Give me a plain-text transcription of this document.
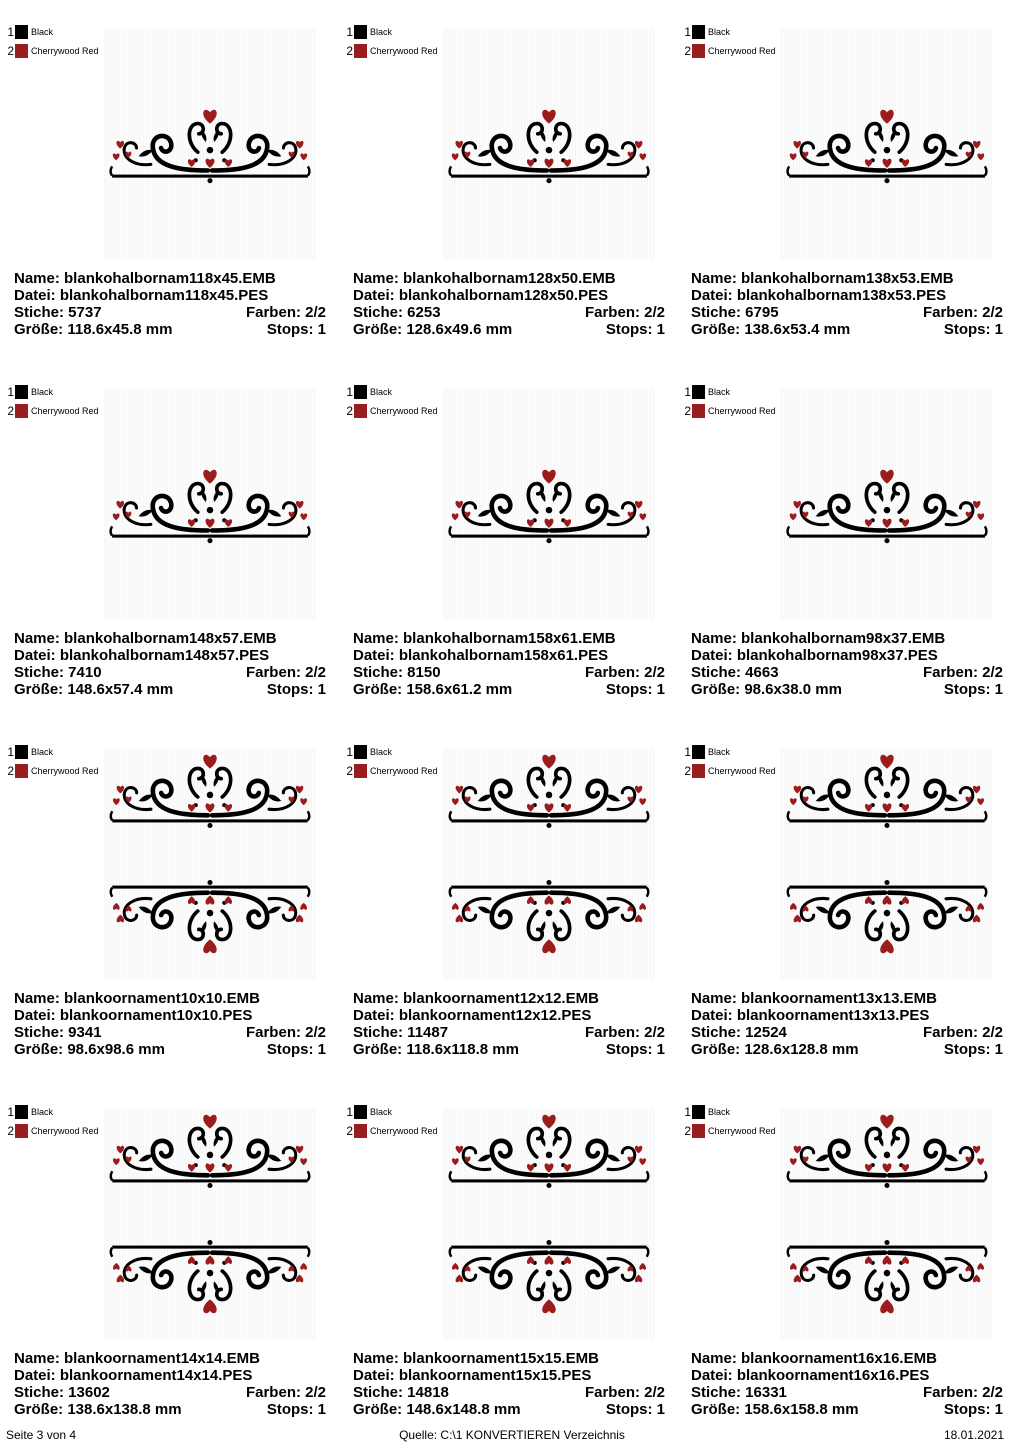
1 Black
2 Cherrywood Red
Name: blankohalbornam118x45.EMB
Datei: blankohalbornam118x45.PES
Stiche: 5737	Farben: 2/2
Größe: 118.6x45.8 mm	Stops: 1
1 Black
2 Cherrywood Red
Name: blankohalbornam128x50.EMB
Datei: blankohalbornam128x50.PES
Stiche: 6253	Farben: 2/2
Größe: 128.6x49.6 mm	Stops: 1
1 Black
2 Cherrywood Red
Name: blankohalbornam138x53.EMB
Datei: blankohalbornam138x53.PES
Stiche: 6795	Farben: 2/2
Größe: 138.6x53.4 mm	Stops: 1
1 Black
2 Cherrywood Red
Name: blankohalbornam148x57.EMB
Datei: blankohalbornam148x57.PES
Stiche: 7410	Farben: 2/2
Größe: 148.6x57.4 mm	Stops: 1
1 Black
2 Cherrywood Red
Name: blankohalbornam158x61.EMB
Datei: blankohalbornam158x61.PES
Stiche: 8150	Farben: 2/2
Größe: 158.6x61.2 mm	Stops: 1
1 Black
2 Cherrywood Red
Name: blankohalbornam98x37.EMB
Datei: blankohalbornam98x37.PES
Stiche: 4663	Farben: 2/2
Größe: 98.6x38.0 mm	Stops: 1
1 Black
2 Cherrywood Red
Name: blankoornament10x10.EMB
Datei: blankoornament10x10.PES
Stiche: 9341	Farben: 2/2
Größe: 98.6x98.6 mm	Stops: 1
1 Black
2 Cherrywood Red
Name: blankoornament12x12.EMB
Datei: blankoornament12x12.PES
Stiche: 11487	Farben: 2/2
Größe: 118.6x118.8 mm	Stops: 1
1 Black
2 Cherrywood Red
Name: blankoornament13x13.EMB
Datei: blankoornament13x13.PES
Stiche: 12524	Farben: 2/2
Größe: 128.6x128.8 mm	Stops: 1
1 Black
2 Cherrywood Red
Name: blankoornament14x14.EMB
Datei: blankoornament14x14.PES
Stiche: 13602	Farben: 2/2
Größe: 138.6x138.8 mm	Stops: 1
1 Black
2 Cherrywood Red
Name: blankoornament15x15.EMB
Datei: blankoornament15x15.PES
Stiche: 14818	Farben: 2/2
Größe: 148.6x148.8 mm	Stops: 1
1 Black
2 Cherrywood Red
Name: blankoornament16x16.EMB
Datei: blankoornament16x16.PES
Stiche: 16331	Farben: 2/2
Größe: 158.6x158.8 mm	Stops: 1
Seite 3 von 4	Quelle: C:\1 KONVERTIEREN Verzeichnis	18.01.2021
